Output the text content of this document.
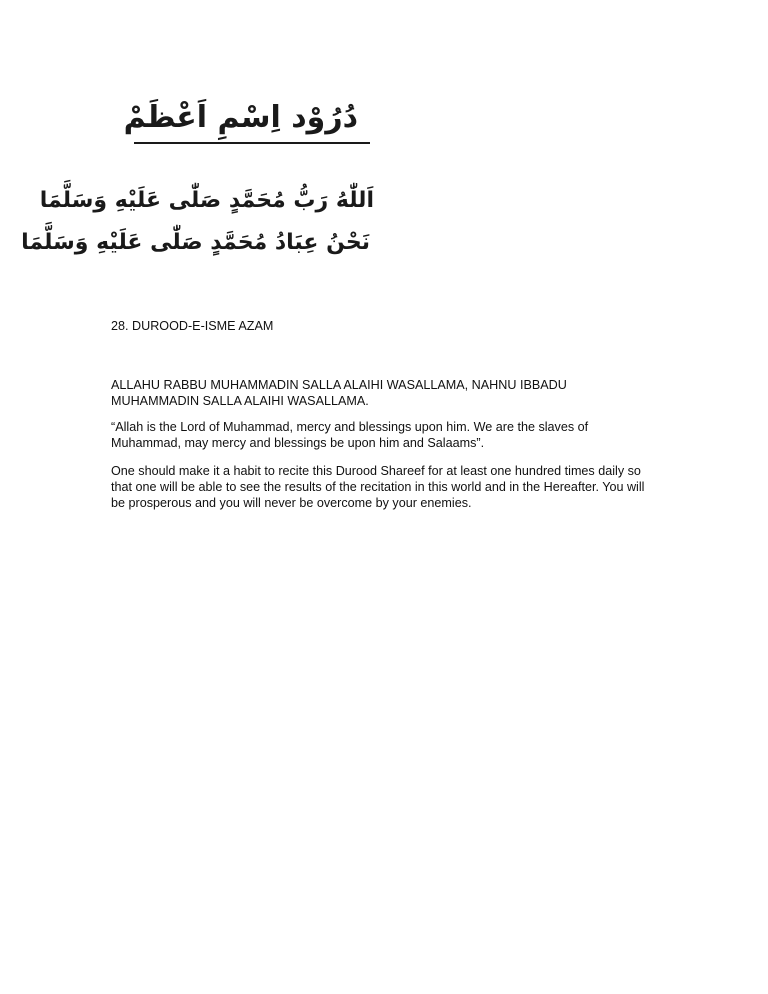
دُرُوْد اِسْمِ اَعْظَمْ
اَللّٰهُ رَبُّ مُحَمَّدٍ صَلّٰى عَلَيْهِ وَسَلَّمَا
نَحْنُ عِبَادُ مُحَمَّدٍ صَلّٰى عَلَيْهِ وَسَلَّمَا

28. DUROOD-E-ISME AZAM

ALLAHU RABBU MUHAMMADIN SALLA ALAIHI WASALLAMA, NAHNU IBBADU MUHAMMADIN SALLA ALAIHI WASALLAMA.

“Allah is the Lord of Muhammad, mercy and blessings upon him. We are the slaves of Muhammad, may mercy and blessings be upon him and Salaams”.

One should make it a habit to recite this Durood Shareef for at least one hundred times daily so that one will be able to see the results of the recitation in this world and in the Hereafter. You will be prosperous and you will never be overcome by your enemies.
